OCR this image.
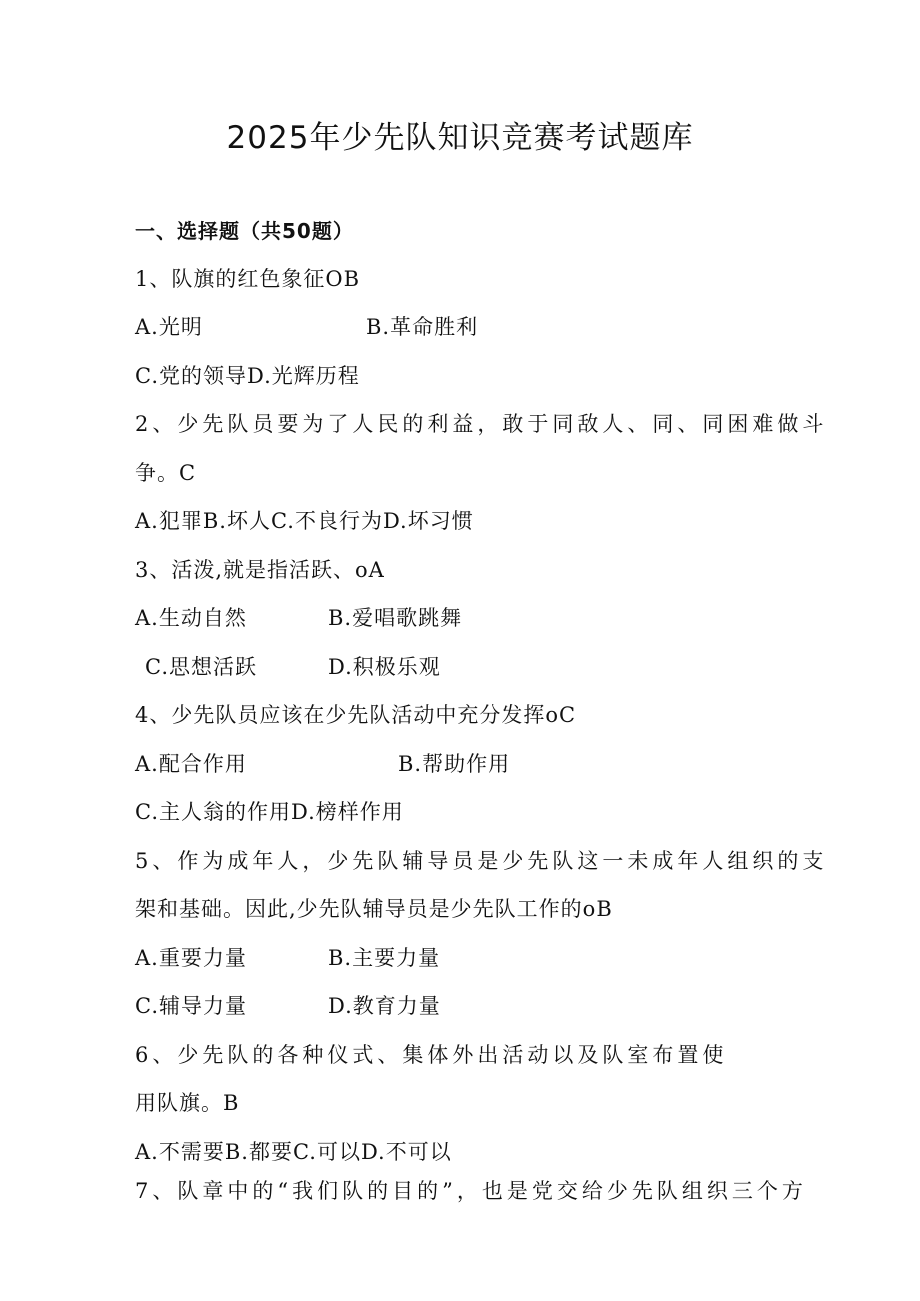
2025年少先队知识竞赛考试题库
一、选择题（共50题）
1、队旗的红色象征OB
A.光明	B.革命胜利
C.党的领导D.光辉历程
2、少先队员要为了人民的利益，敢于同敌人、同、同困难做斗
争。C
A.犯罪B.坏人C.不良行为D.坏习惯
3、活泼,就是指活跃、oA
A.生动自然	B.爱唱歌跳舞
C.思想活跃	D.积极乐观
4、少先队员应该在少先队活动中充分发挥oC
A.配合作用	B.帮助作用
C.主人翁的作用D.榜样作用
5、作为成年人，少先队辅导员是少先队这一未成年人组织的支
架和基础。因此,少先队辅导员是少先队工作的oB
A.重要力量	B.主要力量
C.辅导力量	D.教育力量
6、少先队的各种仪式、集体外出活动以及队室布置使
用队旗。B
A.不需要B.都要C.可以D.不可以
7、队章中的“我们队的目的”，也是党交给少先队组织三个方
